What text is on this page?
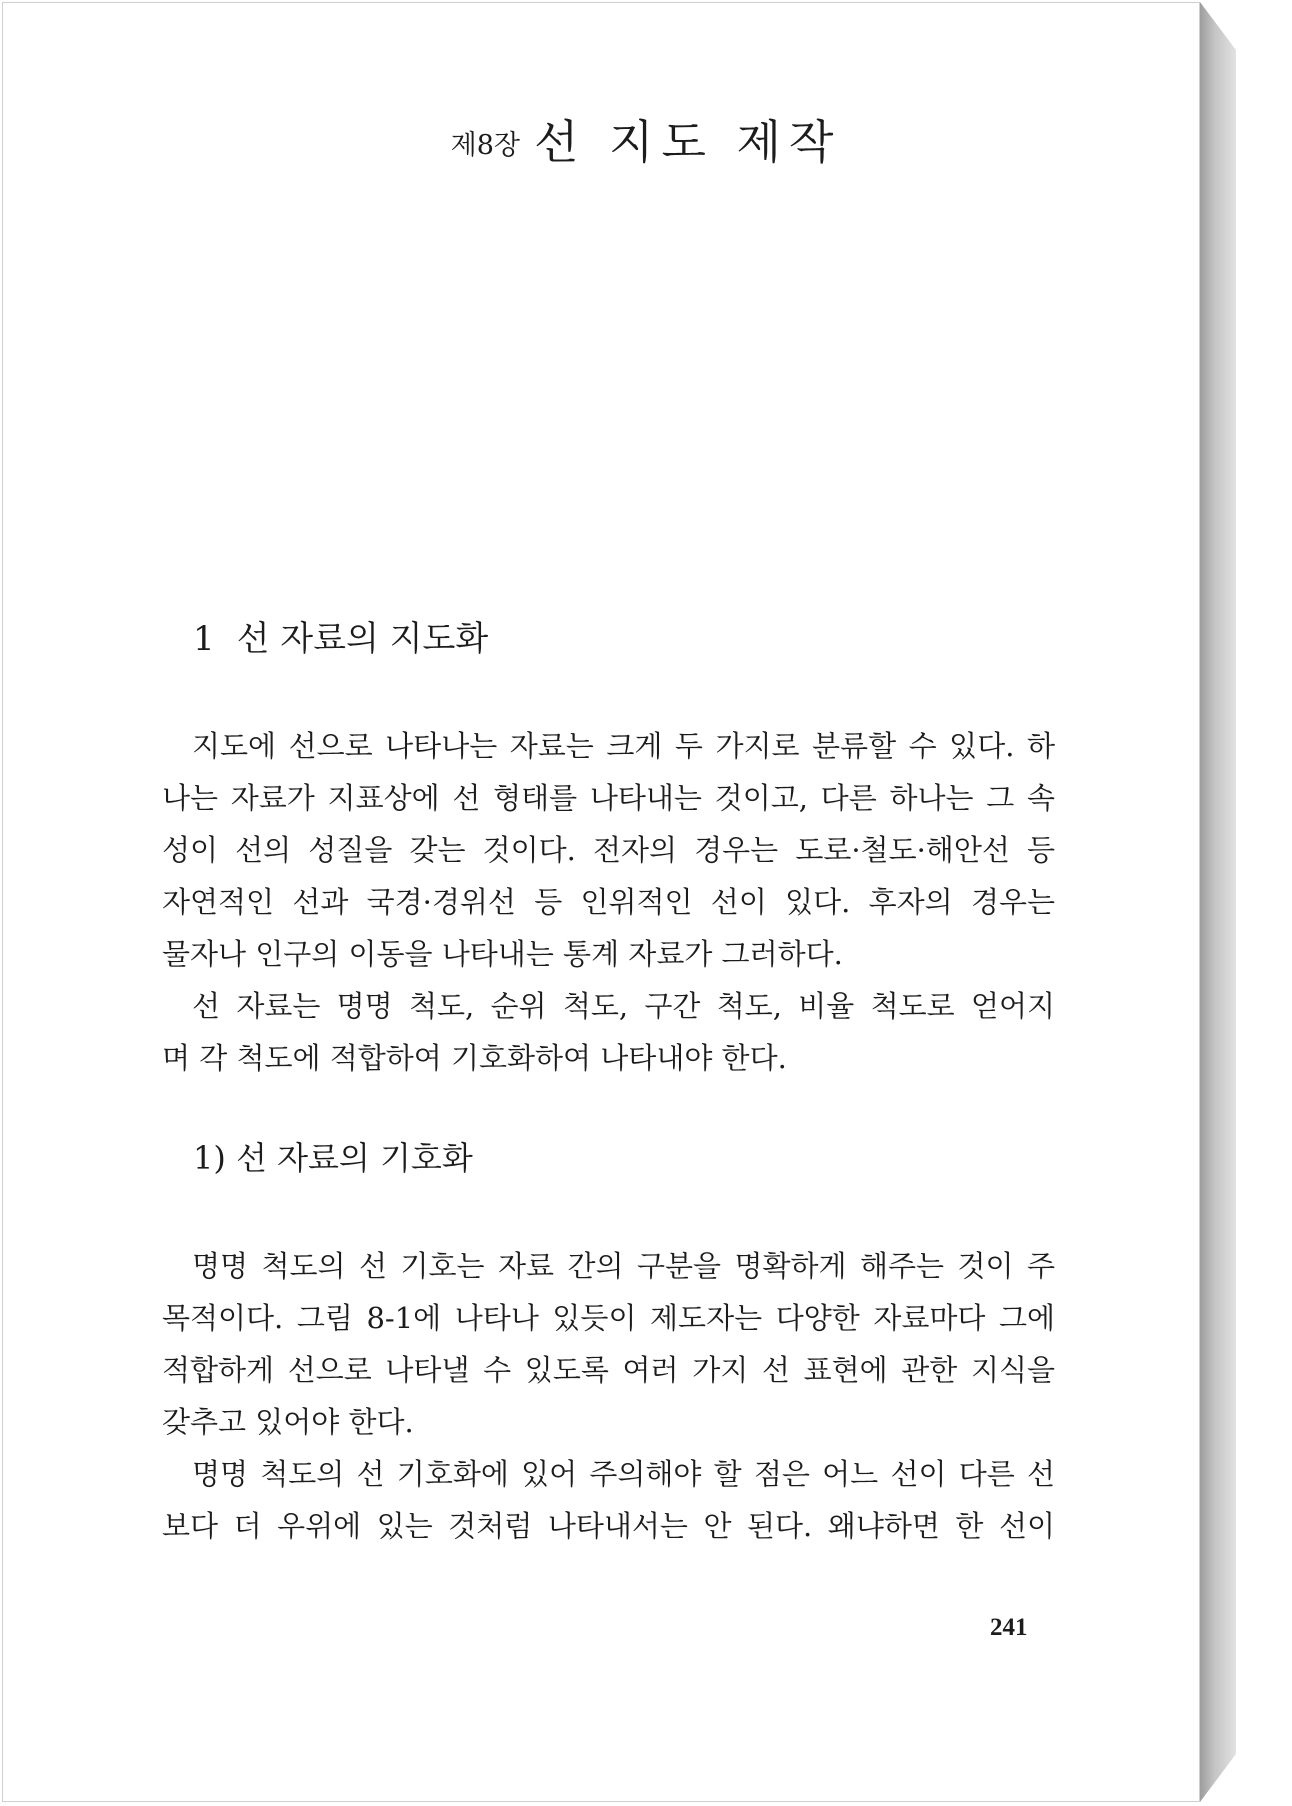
제8장 선 지도 제작
1 선 자료의 지도화
지도에 선으로 나타나는 자료는 크게 두 가지로 분류할 수 있다. 하
나는 자료가 지표상에 선 형태를 나타내는 것이고, 다른 하나는 그 속
성이 선의 성질을 갖는 것이다. 전자의 경우는 도로·철도·해안선 등
자연적인 선과 국경·경위선 등 인위적인 선이 있다. 후자의 경우는
물자나 인구의 이동을 나타내는 통계 자료가 그러하다.
선 자료는 명명 척도, 순위 척도, 구간 척도, 비율 척도로 얻어지
며 각 척도에 적합하여 기호화하여 나타내야 한다.
1) 선 자료의 기호화
명명 척도의 선 기호는 자료 간의 구분을 명확하게 해주는 것이 주
목적이다. 그림 8-1에 나타나 있듯이 제도자는 다양한 자료마다 그에
적합하게 선으로 나타낼 수 있도록 여러 가지 선 표현에 관한 지식을
갖추고 있어야 한다.
명명 척도의 선 기호화에 있어 주의해야 할 점은 어느 선이 다른 선
보다 더 우위에 있는 것처럼 나타내서는 안 된다. 왜냐하면 한 선이
241
